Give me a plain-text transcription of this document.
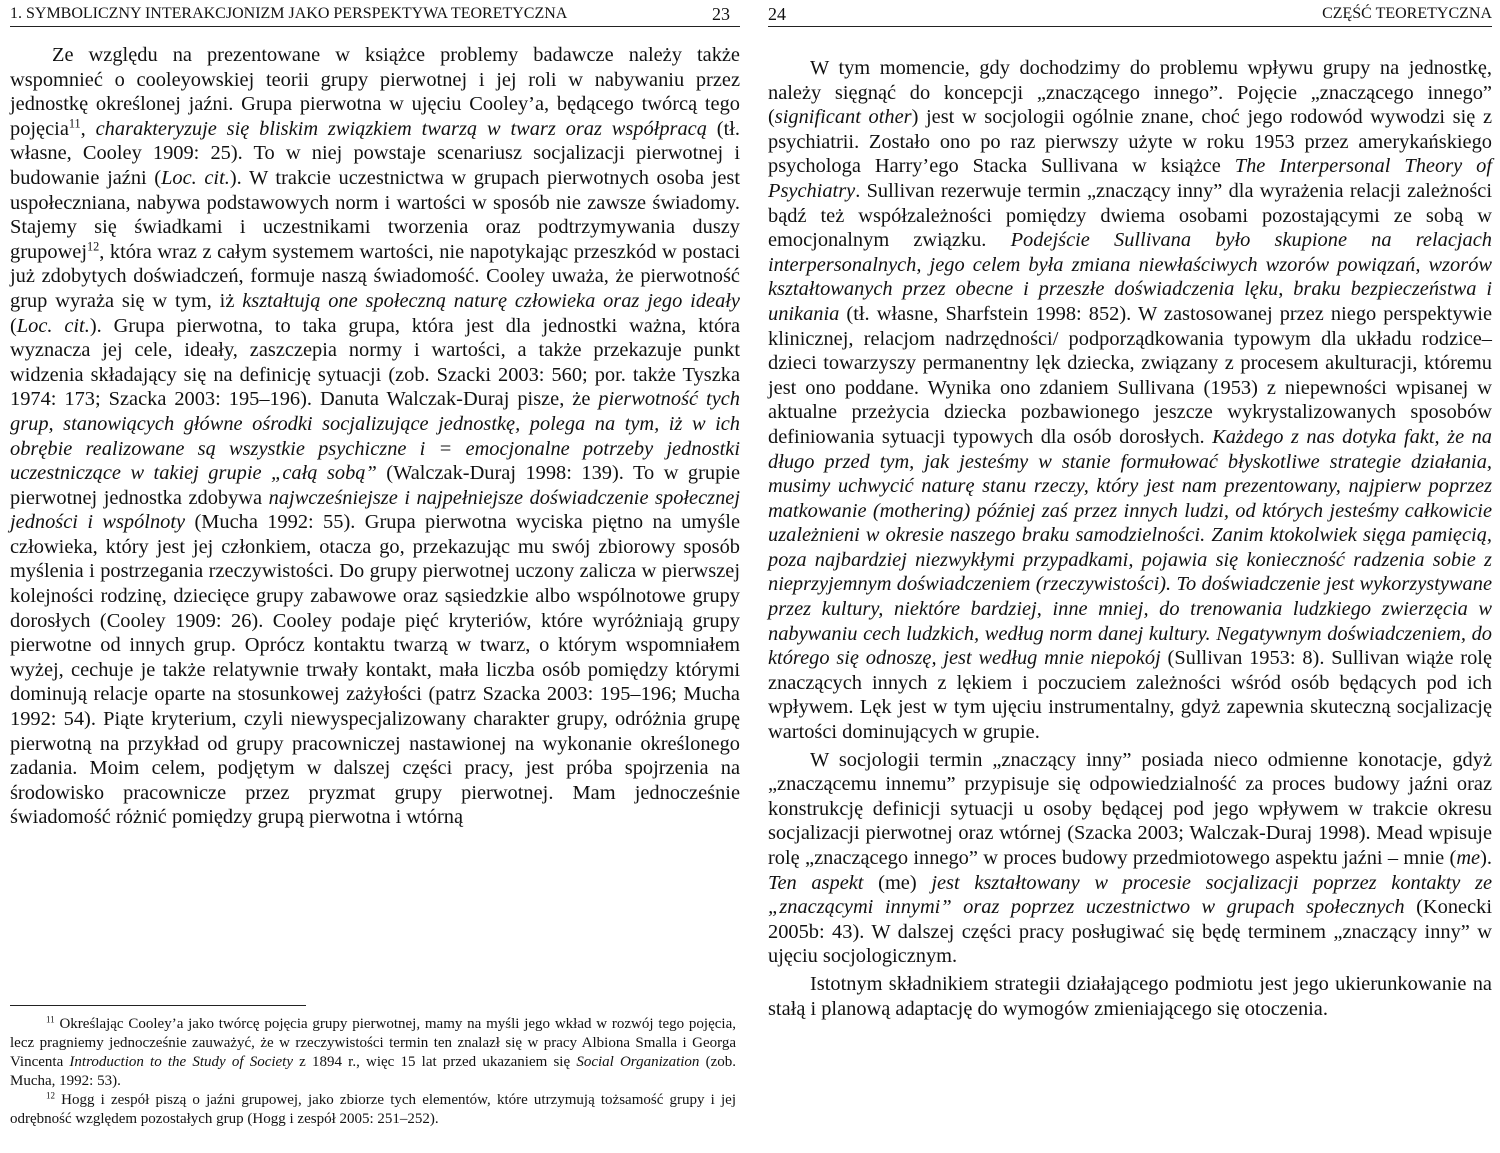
1. SYMBOLICZNY INTERAKCJONIZM JAKO PERSPEKTYWA TEORETYCZNA	23

Ze względu na prezentowane w książce problemy badawcze należy także wspomnieć o cooleyowskiej teorii grupy pierwotnej i jej roli w nabywaniu przez jednostkę określonej jaźni. Grupa pierwotna w ujęciu Cooley’a, będącego twórcą tego pojęcia$^{11}$, charakteryzuje się bliskim związkiem twarzą w twarz oraz współpracą (tł. własne, Cooley 1909: 25). To w niej powstaje scenariusz socjalizacji pierwotnej i budowanie jaźni (Loc. cit.). W trakcie uczestnictwa w grupach pierwotnych osoba jest uspołeczniana, nabywa podstawowych norm i wartości w sposób nie zawsze świadomy. Stajemy się świadkami i uczestnikami tworzenia oraz podtrzymywania duszy grupowej$^{12}$, która wraz z całym systemem wartości, nie napotykając przeszkód w postaci już zdobytych doświadczeń, formuje naszą świadomość. Cooley uważa, że pierwotność grup wyraża się w tym, iż kształtują one społeczną naturę człowieka oraz jego ideały (Loc. cit.). Grupa pierwotna, to taka grupa, która jest dla jednostki ważna, która wyznacza jej cele, ideały, zaszczepia normy i wartości, a także przekazuje punkt widzenia składający się na definicję sytuacji (zob. Szacki 2003: 560; por. także Tyszka 1974: 173; Szacka 2003: 195–196). Danuta Walczak-Duraj pisze, że pierwotność tych grup, stanowiących główne ośrodki socjalizujące jednostkę, polega na tym, iż w ich obrębie realizowane są wszystkie psychiczne i = emocjonalne potrzeby jednostki uczestniczące w takiej grupie „całą sobą” (Walczak-Duraj 1998: 139). To w grupie pierwotnej jednostka zdobywa najwcześniejsze i najpełniejsze doświadczenie społecznej jedności i wspólnoty (Mucha 1992: 55). Grupa pierwotna wyciska piętno na umyśle człowieka, który jest jej członkiem, otacza go, przekazując mu swój zbiorowy sposób myślenia i postrzegania rzeczywistości. Do grupy pierwotnej uczony zalicza w pierwszej kolejności rodzinę, dziecięce grupy zabawowe oraz sąsiedzkie albo wspólnotowe grupy dorosłych (Cooley 1909: 26). Cooley podaje pięć kryteriów, które wyróżniają grupy pierwotne od innych grup. Oprócz kontaktu twarzą w twarz, o którym wspomniałem wyżej, cechuje je także relatywnie trwały kontakt, mała liczba osób pomiędzy którymi dominują relacje oparte na stosunkowej zażyłości (patrz Szacka 2003: 195–196; Mucha 1992: 54). Piąte kryterium, czyli niewyspecjalizowany charakter grupy, odróżnia grupę pierwotną na przykład od grupy pracowniczej nastawionej na wykonanie określonego zadania. Moim celem, podjętym w dalszej części pracy, jest próba spojrzenia na środowisko pracownicze przez pryzmat grupy pierwotnej. Mam jednocześnie świadomość różnić pomiędzy grupą pierwotna i wtórną

$^{11}$ Określając Cooley’a jako twórcę pojęcia grupy pierwotnej, mamy na myśli jego wkład w rozwój tego pojęcia, lecz pragniemy jednocześnie zauważyć, że w rzeczywistości termin ten znalazł się w pracy Albiona Smalla i Georga Vincenta Introduction to the Study of Society z 1894 r., więc 15 lat przed ukazaniem się Social Organization (zob. Mucha, 1992: 53).

$^{12}$ Hogg i zespół piszą o jaźni grupowej, jako zbiorze tych elementów, które utrzymują tożsamość grupy i jej odrębność względem pozostałych grup (Hogg i zespół 2005: 251–252).

24	CZĘŚĆ TEORETYCZNA

W tym momencie, gdy dochodzimy do problemu wpływu grupy na jednostkę, należy sięgnąć do koncepcji „znaczącego innego”. Pojęcie „znaczącego innego” (significant other) jest w socjologii ogólnie znane, choć jego rodowód wywodzi się z psychiatrii. Zostało ono po raz pierwszy użyte w roku 1953 przez amerykańskiego psychologa Harry’ego Stacka Sullivana w książce The Interpersonal Theory of Psychiatry. Sullivan rezerwuje termin „znaczący inny” dla wyrażenia relacji zależności bądź też współzależności pomiędzy dwiema osobami pozostającymi ze sobą w emocjonalnym związku. Podejście Sullivana było skupione na relacjach interpersonalnych, jego celem była zmiana niewłaściwych wzorów powiązań, wzorów kształtowanych przez obecne i przeszłe doświadczenia lęku, braku bezpieczeństwa i unikania (tł. własne, Sharfstein 1998: 852). W zastosowanej przez niego perspektywie klinicznej, relacjom nadrzędności/ podporządkowania typowym dla układu rodzice–dzieci towarzyszy permanentny lęk dziecka, związany z procesem akulturacji, któremu jest ono poddane. Wynika ono zdaniem Sullivana (1953) z niepewności wpisanej w aktualne przeżycia dziecka pozbawionego jeszcze wykrystalizowanych sposobów definiowania sytuacji typowych dla osób dorosłych. Każdego z nas dotyka fakt, że na długo przed tym, jak jesteśmy w stanie formułować błyskotliwe strategie działania, musimy uchwycić naturę stanu rzeczy, który jest nam prezentowany, najpierw poprzez matkowanie (mothering) później zaś przez innych ludzi, od których jesteśmy całkowicie uzależnieni w okresie naszego braku samodzielności. Zanim ktokolwiek sięga pamięcią, poza najbardziej niezwykłymi przypadkami, pojawia się konieczność radzenia sobie z nieprzyjemnym doświadczeniem (rzeczywistości). To doświadczenie jest wykorzystywane przez kultury, niektóre bardziej, inne mniej, do trenowania ludzkiego zwierzęcia w nabywaniu cech ludzkich, według norm danej kultury. Negatywnym doświadczeniem, do którego się odnoszę, jest według mnie niepokój (Sullivan 1953: 8). Sullivan wiąże rolę znaczących innych z lękiem i poczuciem zależności wśród osób będących pod ich wpływem. Lęk jest w tym ujęciu instrumentalny, gdyż zapewnia skuteczną socjalizację wartości dominujących w grupie.

W socjologii termin „znaczący inny” posiada nieco odmienne konotacje, gdyż „znaczącemu innemu” przypisuje się odpowiedzialność za proces budowy jaźni oraz konstrukcję definicji sytuacji u osoby będącej pod jego wpływem w trakcie okresu socjalizacji pierwotnej oraz wtórnej (Szacka 2003; Walczak-Duraj 1998). Mead wpisuje rolę „znaczącego innego” w proces budowy przedmiotowego aspektu jaźni – mnie (me). Ten aspekt (me) jest kształtowany w procesie socjalizacji poprzez kontakty ze „znaczącymi innymi” oraz poprzez uczestnictwo w grupach społecznych (Konecki 2005b: 43). W dalszej części pracy posługiwać się będę terminem „znaczący inny” w ujęciu socjologicznym.

Istotnym składnikiem strategii działającego podmiotu jest jego ukierunkowanie na stałą i planową adaptację do wymogów zmieniającego się otoczenia.
